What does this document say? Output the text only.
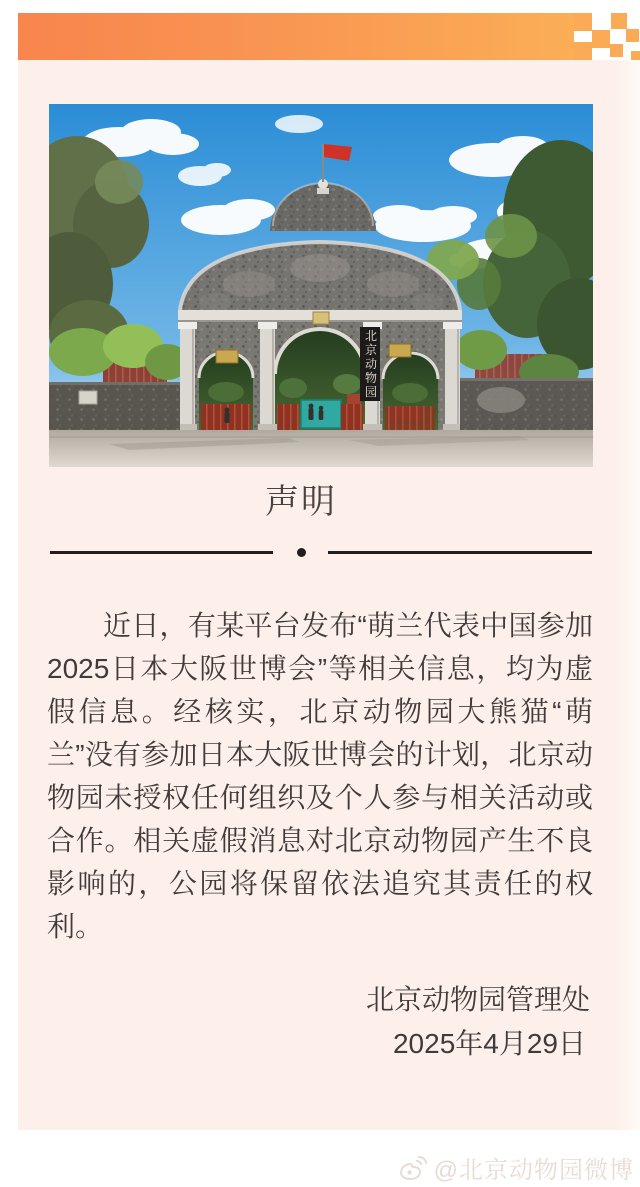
北京动物园
声明

近日，有某平台发布“萌兰代表中国参加2025日本大阪世博会”等相关信息，均为虚假信息。经核实，北京动物园大熊猫“萌兰”没有参加日本大阪世博会的计划，北京动物园未授权任何组织及个人参与相关活动或合作。相关虚假消息对北京动物园产生不良影响的，公园将保留依法追究其责任的权利。

北京动物园管理处
2025年4月29日
@北京动物园微博
